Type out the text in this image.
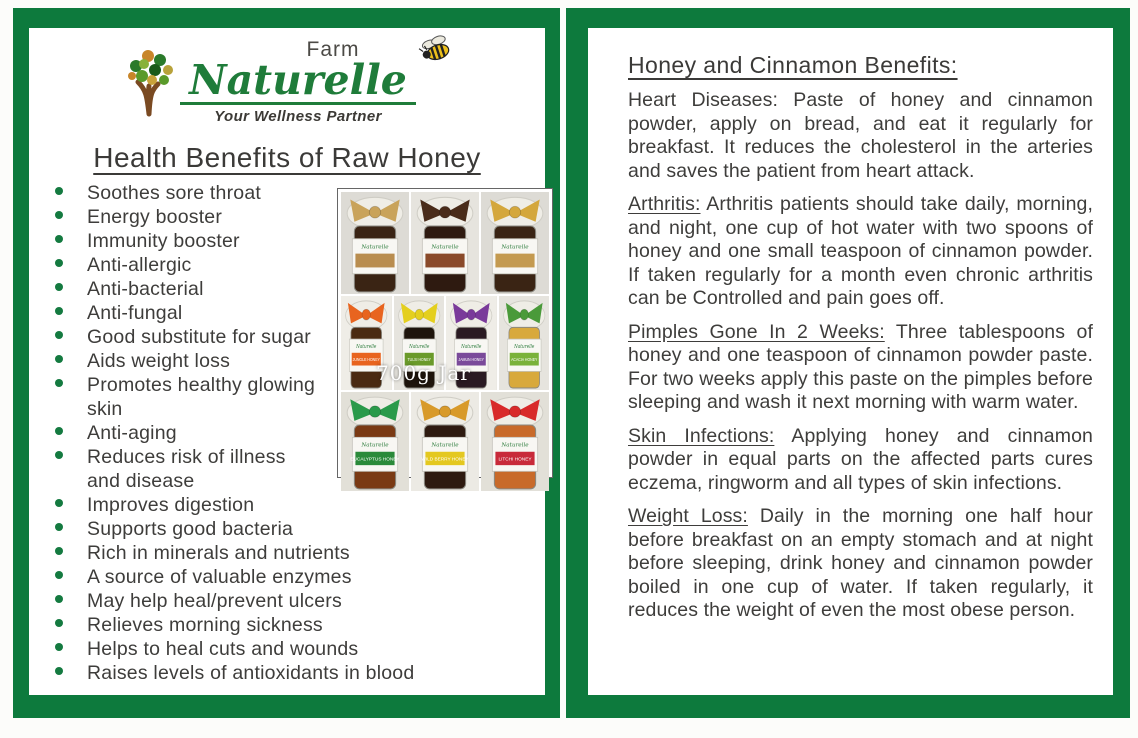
Farm
Naturelle
Your Wellness Partner
Health Benefits of Raw Honey
Soothes sore throat
Energy booster
Immunity booster
Anti-allergic
Anti-bacterial
Anti-fungal
Good substitute for sugar
Aids weight loss
Promotes healthy glowing
skin
Anti-aging
Reduces risk of illness
and disease
Improves digestion
Supports good bacteria
Rich in minerals and nutrients
A source of valuable enzymes
May help heal/prevent ulcers
Relieves morning sickness
Helps to heal cuts and wounds
Raises levels of antioxidants in blood
Naturelle	Naturelle	Naturelle
Naturelle
JUNGLE HONEY
Naturelle
TULSI HONEY
Naturelle
JAMUN HONEY
Naturelle
ACACIA HONEY
Naturelle
EUCALYPTUS HONEY
Naturelle
WILD BERRY HONEY
Naturelle
LITCHI HONEY
700g Jar
Honey and Cinnamon Benefits:

Heart Diseases: Paste of honey and cinnamon powder, apply on bread, and eat it regularly for breakfast. It reduces the cholesterol in the arteries and saves the patient from heart attack.

Arthritis: Arthritis patients should take daily, morning, and night, one cup of hot water with two spoons of honey and one small teaspoon of cinnamon powder. If taken regularly for a month even chronic arthritis can be Controlled and pain goes off.

Pimples Gone In 2 Weeks: Three tablespoons of honey and one teaspoon of cinnamon powder paste. For two weeks apply this paste on the pimples before sleeping and wash it next morning with warm water.

Skin Infections: Applying honey and cinnamon powder in equal parts on the affected parts cures eczema, ringworm and all types of skin infections.

Weight Loss: Daily in the morning one half hour before breakfast on an empty stomach and at night before sleeping, drink honey and cinnamon powder boiled in one cup of water. If taken regularly, it reduces the weight of even the most obese person.
